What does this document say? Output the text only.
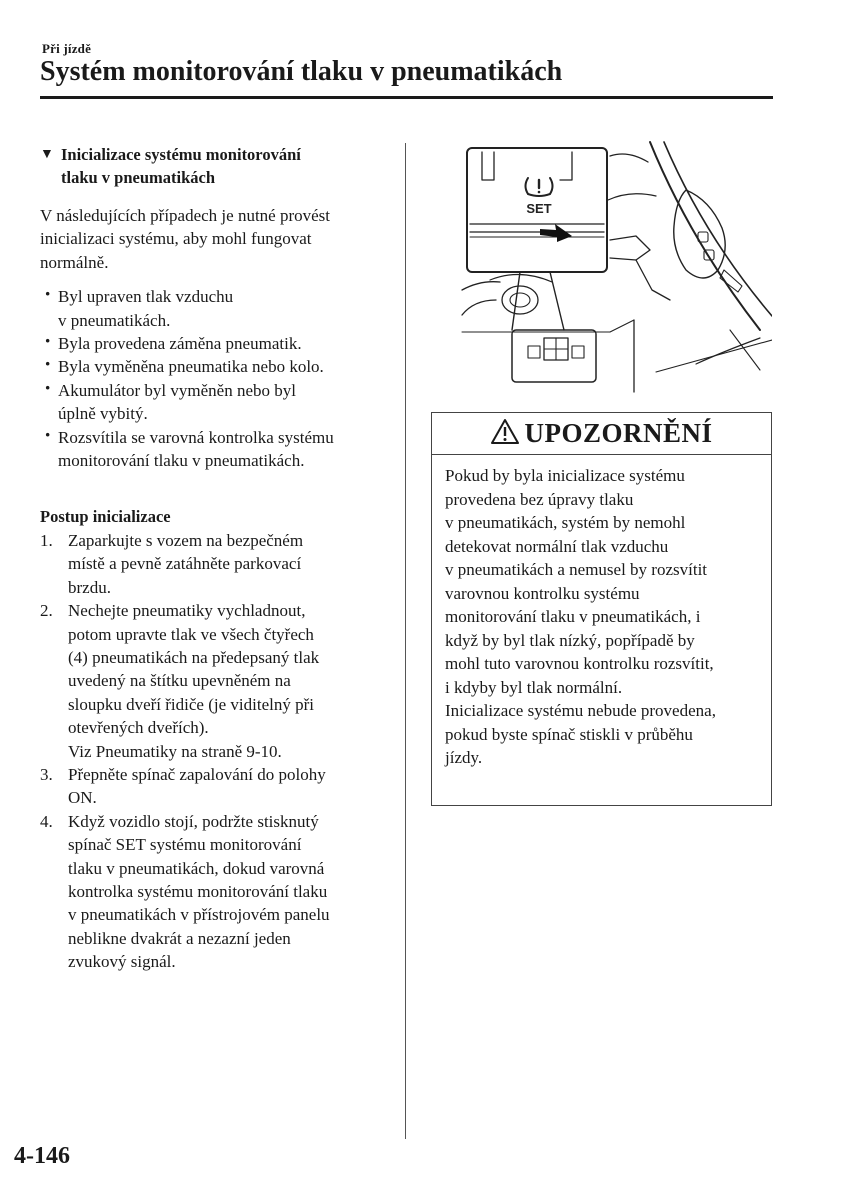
Při jízdě
Systém monitorování tlaku v pneumatikách
▼ Inicializace systému monitorování
tlaku v pneumatikách
V následujících případech je nutné provést
inicializaci systému, aby mohl fungovat
normálně.
· Byl upraven tlak vzduchu
v pneumatikách.
· Byla provedena záměna pneumatik.
· Byla vyměněna pneumatika nebo kolo.
· Akumulátor byl vyměněn nebo byl
úplně vybitý.
· Rozsvítila se varovná kontrolka systému
monitorování tlaku v pneumatikách.
Postup inicializace
1. Zaparkujte s vozem na bezpečném
místě a pevně zatáhněte parkovací
brzdu.
2. Nechejte pneumatiky vychladnout,
potom upravte tlak ve všech čtyřech
(4) pneumatikách na předepsaný tlak
uvedený na štítku upevněném na
sloupku dveří řidiče (je viditelný při
otevřených dveřích).
Viz Pneumatiky na straně 9-10.
3. Přepněte spínač zapalování do polohy
ON.
4. Když vozidlo stojí, podržte stisknutý
spínač SET systému monitorování
tlaku v pneumatikách, dokud varovná
kontrolka systému monitorování tlaku
v pneumatikách v přístrojovém panelu
neblikne dvakrát a nezazní jeden
zvukový signál.
SET
UPOZORNĚNÍ

Pokud by byla inicializace systému
provedena bez úpravy tlaku
v pneumatikách, systém by nemohl
detekovat normální tlak vzduchu
v pneumatikách a nemusel by rozsvítit
varovnou kontrolku systému
monitorování tlaku v pneumatikách, i
když by byl tlak nízký, popřípadě by
mohl tuto varovnou kontrolku rozsvítit,
i kdyby byl tlak normální.

Inicializace systému nebude provedena,
pokud byste spínač stiskli v průběhu
jízdy.

4-146
